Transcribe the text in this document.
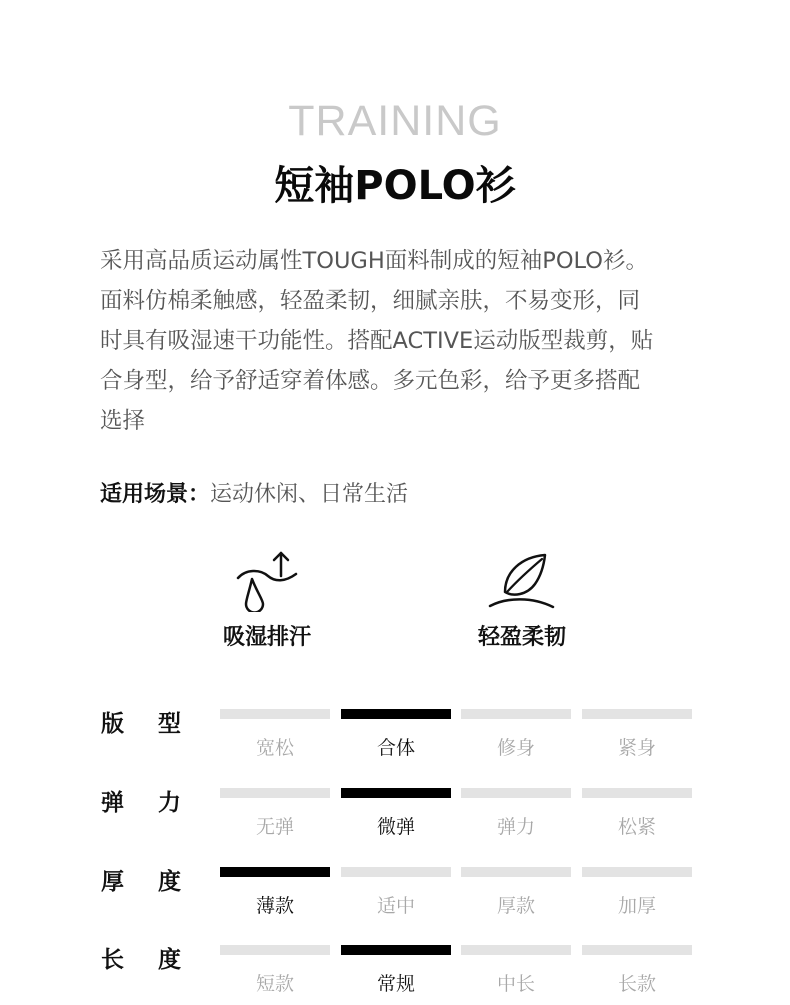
TRAINING
短袖POLO衫
采用高品质运动属性TOUGH面料制成的短袖POLO衫。
面料仿棉柔触感，轻盈柔韧，细腻亲肤，不易变形，同
时具有吸湿速干功能性。搭配ACTIVE运动版型裁剪，贴
合身型，给予舒适穿着体感。多元色彩，给予更多搭配
选择
适用场景：运动休闲、日常生活
吸湿排汗	轻盈柔韧
版 型
宽松	合体	修身	紧身
弹 力
无弹	微弹	弹力	松紧
厚 度
薄款	适中	厚款	加厚
长 度
短款	常规	中长	长款
